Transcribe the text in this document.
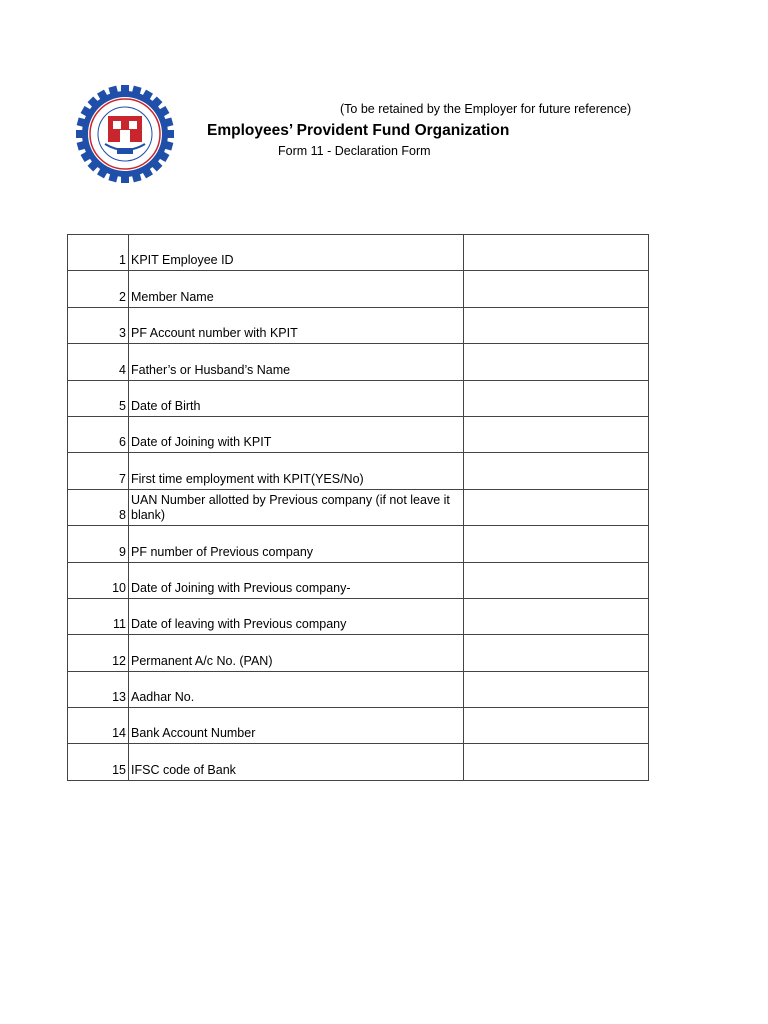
(To be retained by the Employer for future reference)
Employees’ Provident Fund Organization
Form 11 - Declaration Form
1	KPIT Employee ID	
2	Member Name	
3	PF Account number with KPIT	
4	Father’s or Husband’s Name	
5	Date of Birth	
6	Date of Joining with KPIT	
7	First time employment with KPIT(YES/No)	
8	UAN Number allotted by Previous company (if not leave it blank)	
9	PF number of Previous company	
10	Date of Joining with Previous company-	
11	Date of leaving with Previous company	
12	Permanent A/c No. (PAN)	
13	Aadhar No.	
14	Bank Account Number	
15	IFSC code of Bank	
